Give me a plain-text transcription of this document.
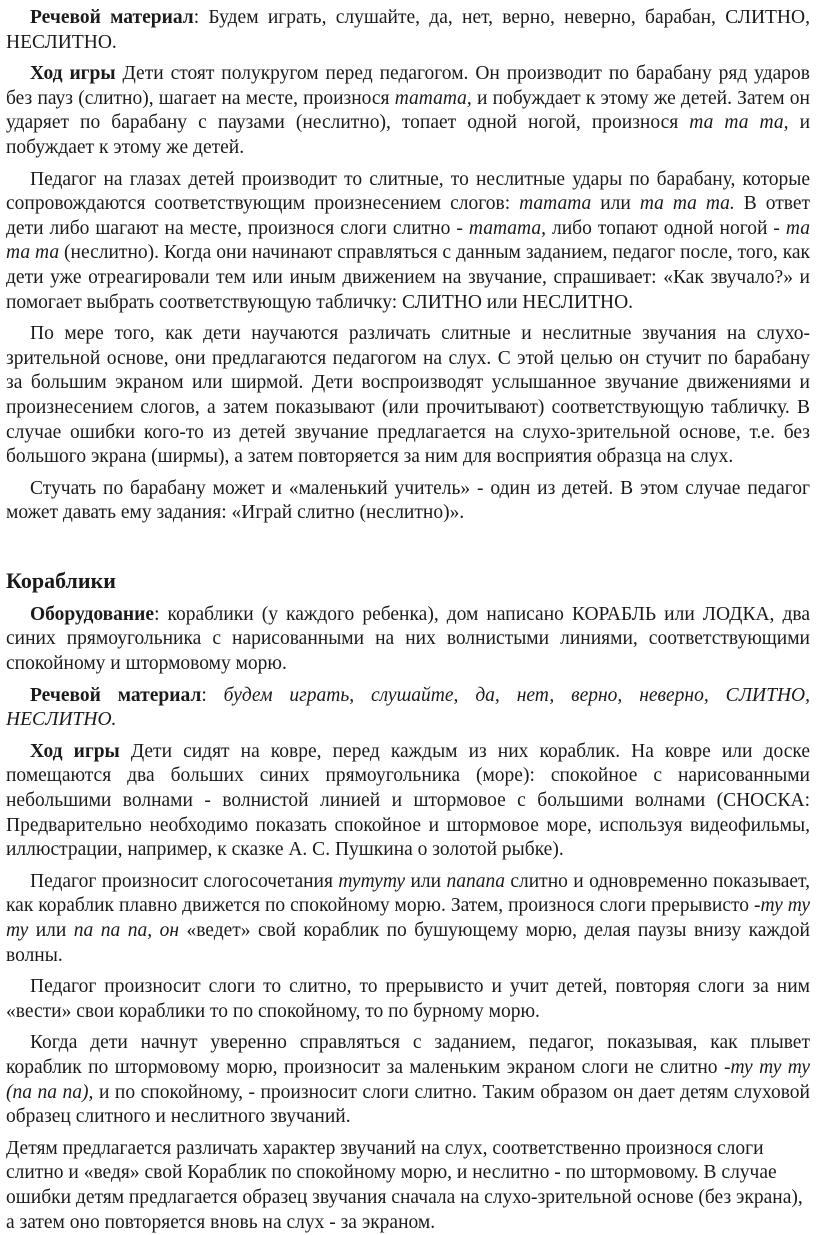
Речевой материал: Будем играть, слушайте, да, нет, верно, неверно, барабан, СЛИТНО, НЕСЛИТНО.

Ход игры Дети стоят полукругом перед педагогом. Он производит по барабану ряд ударов без пауз (слитно), шагает на месте, произнося татата, и побуждает к этому же детей. Затем он ударяет по барабану с паузами (неслитно), топает одной ногой, произнося та та та, и побуждает к этому же детей.

Педагог на глазах детей производит то слитные, то неслитные удары по барабану, которые сопровождаются соответствующим произнесением слогов: татата или та та та. В ответ дети либо шагают на месте, произнося слоги слитно - татата, либо топают одной ногой - та та та (неслитно). Когда они начинают справляться с данным заданием, педагог после, того, как дети уже отреагировали тем или иным движением на звучание, спрашивает: «Как звучало?» и помогает выбрать соответствующую табличку: СЛИТНО или НЕСЛИТНО.

По мере того, как дети научаются различать слитные и неслитные звучания на слухо-зрительной основе, они предлагаются педагогом на слух. С этой целью он стучит по барабану за большим экраном или ширмой. Дети воспроизводят услышанное звучание движениями и произнесением слогов, а затем показывают (или прочитывают) соответствующую табличку. В случае ошибки кого-то из детей звучание предлагается на слухо-зрительной основе, т.е. без большого экрана (ширмы), а затем повторяется за ним для восприятия образца на слух.

Стучать по барабану может и «маленький учитель» - один из детей. В этом случае педагог может давать ему задания: «Играй слитно (неслитно)».

Кораблики

Оборудование: кораблики (у каждого ребенка), дом написано КОРАБЛЬ или ЛОДКА, два синих прямоугольника с нарисованными на них волнистыми линиями, соответствующими спокойному и штормовому морю.

Речевой материал: будем играть, слушайте, да, нет, верно, неверно, СЛИТНО, НЕСЛИТНО.

Ход игры Дети сидят на ковре, перед каждым из них кораблик. На ковре или доске помещаются два больших синих прямоугольника (море): спокойное с нарисованными небольшими волнами - волнистой линией и штормовое с большими волнами (СНОСКА: Предварительно необходимо показать спокойное и штормовое море, используя видеофильмы, иллюстрации, например, к сказке А. С. Пушкина о золотой рыбке).

Педагог произносит слогосочетания тутуту или папапа слитно и одновременно показывает, как кораблик плавно движется по спокойному морю. Затем, произнося слоги прерывисто -ту ту ту или па па па, он «ведет» свой кораблик по бушующему морю, делая паузы внизу каждой волны.

Педагог произносит слоги то слитно, то прерывисто и учит детей, повторяя слоги за ним «вести» свои кораблики то по спокойному, то по бурному морю.

Когда дети начнут уверенно справляться с заданием, педагог, показывая, как плывет кораблик по штормовому морю, произносит за маленьким экраном слоги не слитно -ту ту ту (па па па), и по спокойному, - произносит слоги слитно. Таким образом он дает детям слуховой образец слитного и неслитного звучаний.

Детям предлагается различать характер звучаний на слух, соответственно произнося слоги слитно и «ведя» свой Кораблик по спокойному морю, и неслитно - по штормовому. В случае ошибки детям предлагается образец звучания сначала на слухо-зрительной основе (без экрана), а затем оно повторяется вновь на слух - за экраном.
